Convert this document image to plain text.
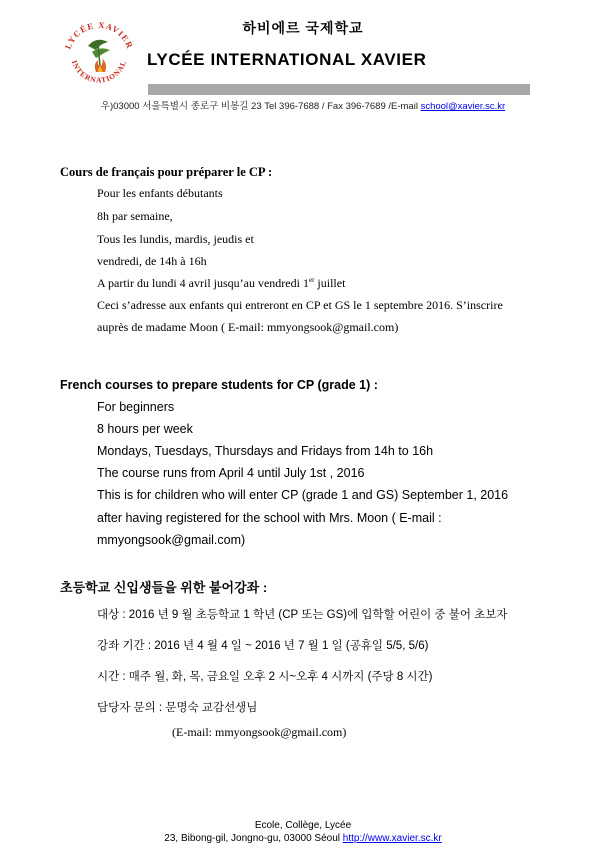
LYCÉE XAVIER
INTERNATIONAL
하비에르 국제학교
LYCÉE INTERNATIONAL XAVIER
우)03000 서울특별시 종로구 비봉길 23 Tel 396-7688 / Fax 396-7689 /E-mail school@xavier.sc.kr
Cours de français pour préparer le CP :
Pour les enfants débutants
8h par semaine,
Tous les lundis, mardis, jeudis et
vendredi, de 14h à 16h
A partir du lundi 4 avril jusqu’au vendredi 1er juillet
Ceci s’adresse aux enfants qui entreront en CP et GS le 1 septembre 2016. S’inscrire
auprès de madame Moon ( E-mail: mmyongsook@gmail.com)
French courses to prepare students for CP (grade 1) :
For beginners
8 hours per week
Mondays, Tuesdays, Thursdays and Fridays from 14h to 16h
The course runs from April 4 until July 1st , 2016
This is for children who will enter CP (grade 1 and GS) September 1, 2016
after having registered for the school with Mrs. Moon ( E-mail :
mmyongsook@gmail.com)
초등학교 신입생들을 위한 불어강좌 :
대상 : 2016 년 9 월 초등학교 1 학년 (CP 또는 GS)에 입학할 어린이 중 불어 초보자
강좌 기간 : 2016 년 4 월 4 일 ~ 2016 년 7 월 1 일 (공휴일 5/5, 5/6)
시간 : 매주 월, 화, 목, 금요일 오후 2 시~오후 4 시까지 (주당 8 시간)
담당자 문의 : 문명숙 교감선생님
(E-mail: mmyongsook@gmail.com)
Ecole, Collège, Lycée
23, Bibong-gil, Jongno-gu, 03000 Séoul http://www.xavier.sc.kr
